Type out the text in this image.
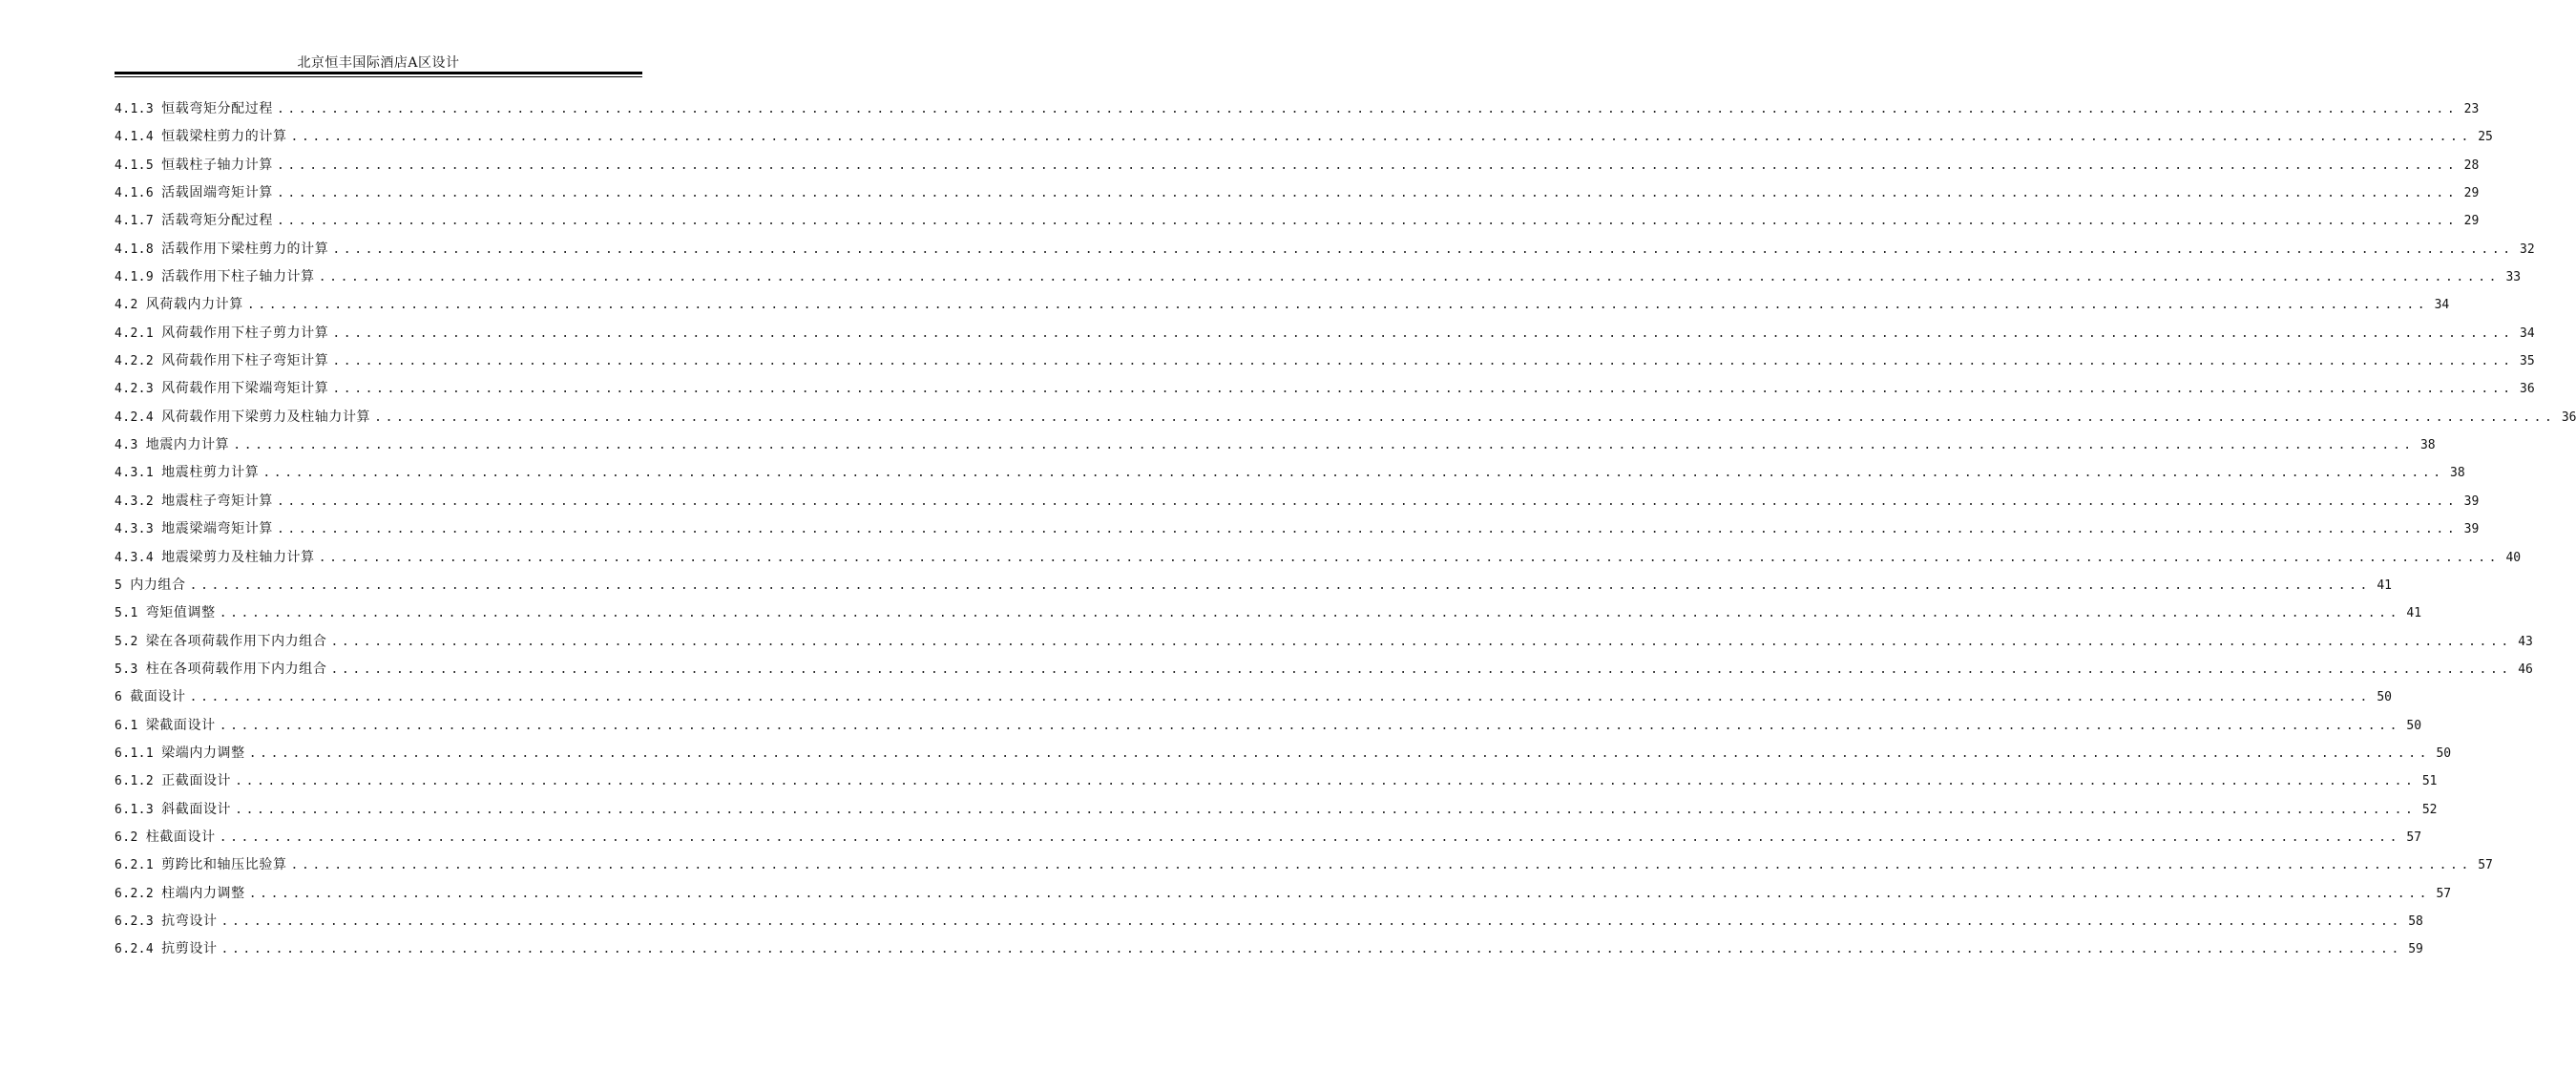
北京恒丰国际酒店A区设计
4.1.3 恒载弯矩分配过程 ........................................................................................................................................................................................................ 23
4.1.4 恒载梁柱剪力的计算 ........................................................................................................................................................................................................ 25
4.1.5 恒载柱子轴力计算 ........................................................................................................................................................................................................ 28
4.1.6 活载固端弯矩计算 ........................................................................................................................................................................................................ 29
4.1.7 活载弯矩分配过程 ........................................................................................................................................................................................................ 29
4.1.8 活载作用下梁柱剪力的计算 ........................................................................................................................................................................................................ 32
4.1.9 活载作用下柱子轴力计算 ........................................................................................................................................................................................................ 33
4.2 风荷载内力计算 ........................................................................................................................................................................................................ 34
4.2.1 风荷载作用下柱子剪力计算 ........................................................................................................................................................................................................ 34
4.2.2 风荷载作用下柱子弯矩计算 ........................................................................................................................................................................................................ 35
4.2.3 风荷载作用下梁端弯矩计算 ........................................................................................................................................................................................................ 36
4.2.4 风荷载作用下梁剪力及柱轴力计算 ........................................................................................................................................................................................................ 36
4.3 地震内力计算 ........................................................................................................................................................................................................ 38
4.3.1 地震柱剪力计算 ........................................................................................................................................................................................................ 38
4.3.2 地震柱子弯矩计算 ........................................................................................................................................................................................................ 39
4.3.3 地震梁端弯矩计算 ........................................................................................................................................................................................................ 39
4.3.4 地震梁剪力及柱轴力计算 ........................................................................................................................................................................................................ 40
5 内力组合 ........................................................................................................................................................................................................ 41
5.1 弯矩值调整 ........................................................................................................................................................................................................ 41
5.2 梁在各项荷载作用下内力组合 ........................................................................................................................................................................................................ 43
5.3 柱在各项荷载作用下内力组合 ........................................................................................................................................................................................................ 46
6 截面设计 ........................................................................................................................................................................................................ 50
6.1 梁截面设计 ........................................................................................................................................................................................................ 50
6.1.1 梁端内力调整 ........................................................................................................................................................................................................ 50
6.1.2 正截面设计 ........................................................................................................................................................................................................ 51
6.1.3 斜截面设计 ........................................................................................................................................................................................................ 52
6.2 柱截面设计 ........................................................................................................................................................................................................ 57
6.2.1 剪跨比和轴压比验算 ........................................................................................................................................................................................................ 57
6.2.2 柱端内力调整 ........................................................................................................................................................................................................ 57
6.2.3 抗弯设计 ........................................................................................................................................................................................................ 58
6.2.4 抗剪设计 ........................................................................................................................................................................................................ 59
